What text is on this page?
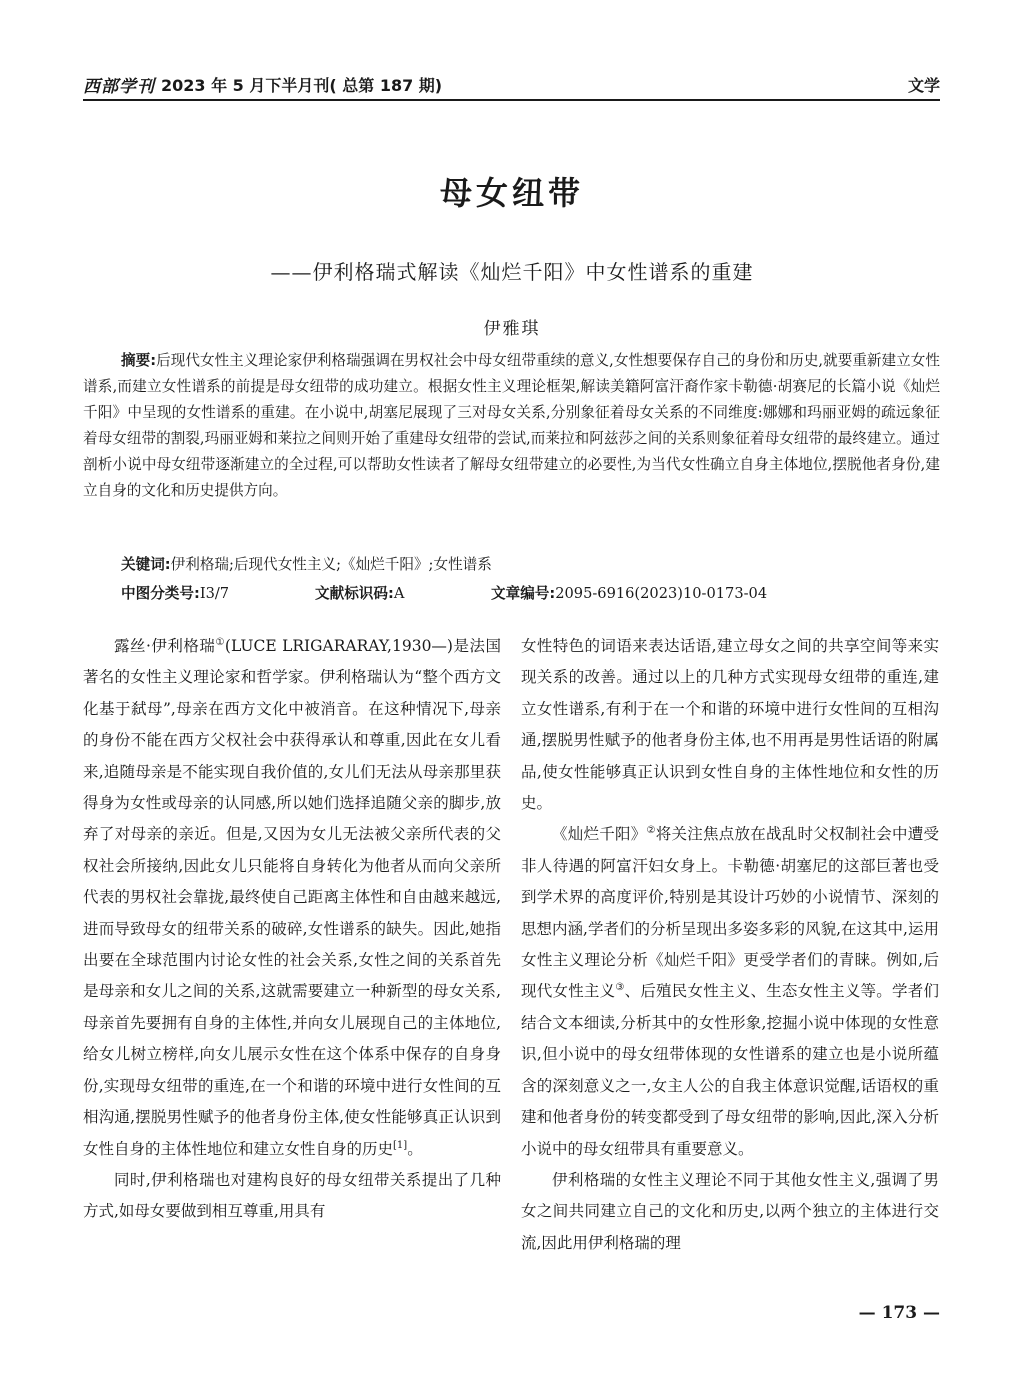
西部学刊 2023 年 5 月下半月刊( 总第 187 期)	文学
母女纽带
——伊利格瑞式解读《灿烂千阳》中女性谱系的重建
伊雅琪

摘要:后现代女性主义理论家伊利格瑞强调在男权社会中母女纽带重续的意义,女性想要保存自己的身份和历史,就要重新建立女性谱系,而建立女性谱系的前提是母女纽带的成功建立。根据女性主义理论框架,解读美籍阿富汗裔作家卡勒德·胡赛尼的长篇小说《灿烂千阳》中呈现的女性谱系的重建。在小说中,胡塞尼展现了三对母女关系,分别象征着母女关系的不同维度:娜娜和玛丽亚姆的疏远象征着母女纽带的割裂,玛丽亚姆和莱拉之间则开始了重建母女纽带的尝试,而莱拉和阿兹莎之间的关系则象征着母女纽带的最终建立。通过剖析小说中母女纽带逐渐建立的全过程,可以帮助女性读者了解母女纽带建立的必要性,为当代女性确立自身主体地位,摆脱他者身份,建立自身的文化和历史提供方向。

关键词:伊利格瑞;后现代女性主义;《灿烂千阳》;女性谱系
中图分类号:I3/7	文献标识码:A	文章编号:2095-6916(2023)10-0173-04

露丝·伊利格瑞①(LUCE LRIGARARAY,1930—)是法国著名的女性主义理论家和哲学家。伊利格瑞认为“整个西方文化基于弑母”,母亲在西方文化中被消音。在这种情况下,母亲的身份不能在西方父权社会中获得承认和尊重,因此在女儿看来,追随母亲是不能实现自我价值的,女儿们无法从母亲那里获得身为女性或母亲的认同感,所以她们选择追随父亲的脚步,放弃了对母亲的亲近。但是,又因为女儿无法被父亲所代表的父权社会所接纳,因此女儿只能将自身转化为他者从而向父亲所代表的男权社会靠拢,最终使自己距离主体性和自由越来越远,进而导致母女的纽带关系的破碎,女性谱系的缺失。因此,她指出要在全球范围内讨论女性的社会关系,女性之间的关系首先是母亲和女儿之间的关系,这就需要建立一种新型的母女关系,母亲首先要拥有自身的主体性,并向女儿展现自己的主体地位,给女儿树立榜样,向女儿展示女性在这个体系中保存的自身身份,实现母女纽带的重连,在一个和谐的环境中进行女性间的互相沟通,摆脱男性赋予的他者身份主体,使女性能够真正认识到女性自身的主体性地位和建立女性自身的历史[1]。

同时,伊利格瑞也对建构良好的母女纽带关系提出了几种方式,如母女要做到相互尊重,用具有

女性特色的词语来表达话语,建立母女之间的共享空间等来实现关系的改善。通过以上的几种方式实现母女纽带的重连,建立女性谱系,有利于在一个和谐的环境中进行女性间的互相沟通,摆脱男性赋予的他者身份主体,也不用再是男性话语的附属品,使女性能够真正认识到女性自身的主体性地位和女性的历史。

《灿烂千阳》②将关注焦点放在战乱时父权制社会中遭受非人待遇的阿富汗妇女身上。卡勒德·胡塞尼的这部巨著也受到学术界的高度评价,特别是其设计巧妙的小说情节、深刻的思想内涵,学者们的分析呈现出多姿多彩的风貌,在这其中,运用女性主义理论分析《灿烂千阳》更受学者们的青睐。例如,后现代女性主义③、后殖民女性主义、生态女性主义等。学者们结合文本细读,分析其中的女性形象,挖掘小说中体现的女性意识,但小说中的母女纽带体现的女性谱系的建立也是小说所蕴含的深刻意义之一,女主人公的自我主体意识觉醒,话语权的重建和他者身份的转变都受到了母女纽带的影响,因此,深入分析小说中的母女纽带具有重要意义。

伊利格瑞的女性主义理论不同于其他女性主义,强调了男女之间共同建立自己的文化和历史,以两个独立的主体进行交流,因此用伊利格瑞的理

— 173 —
